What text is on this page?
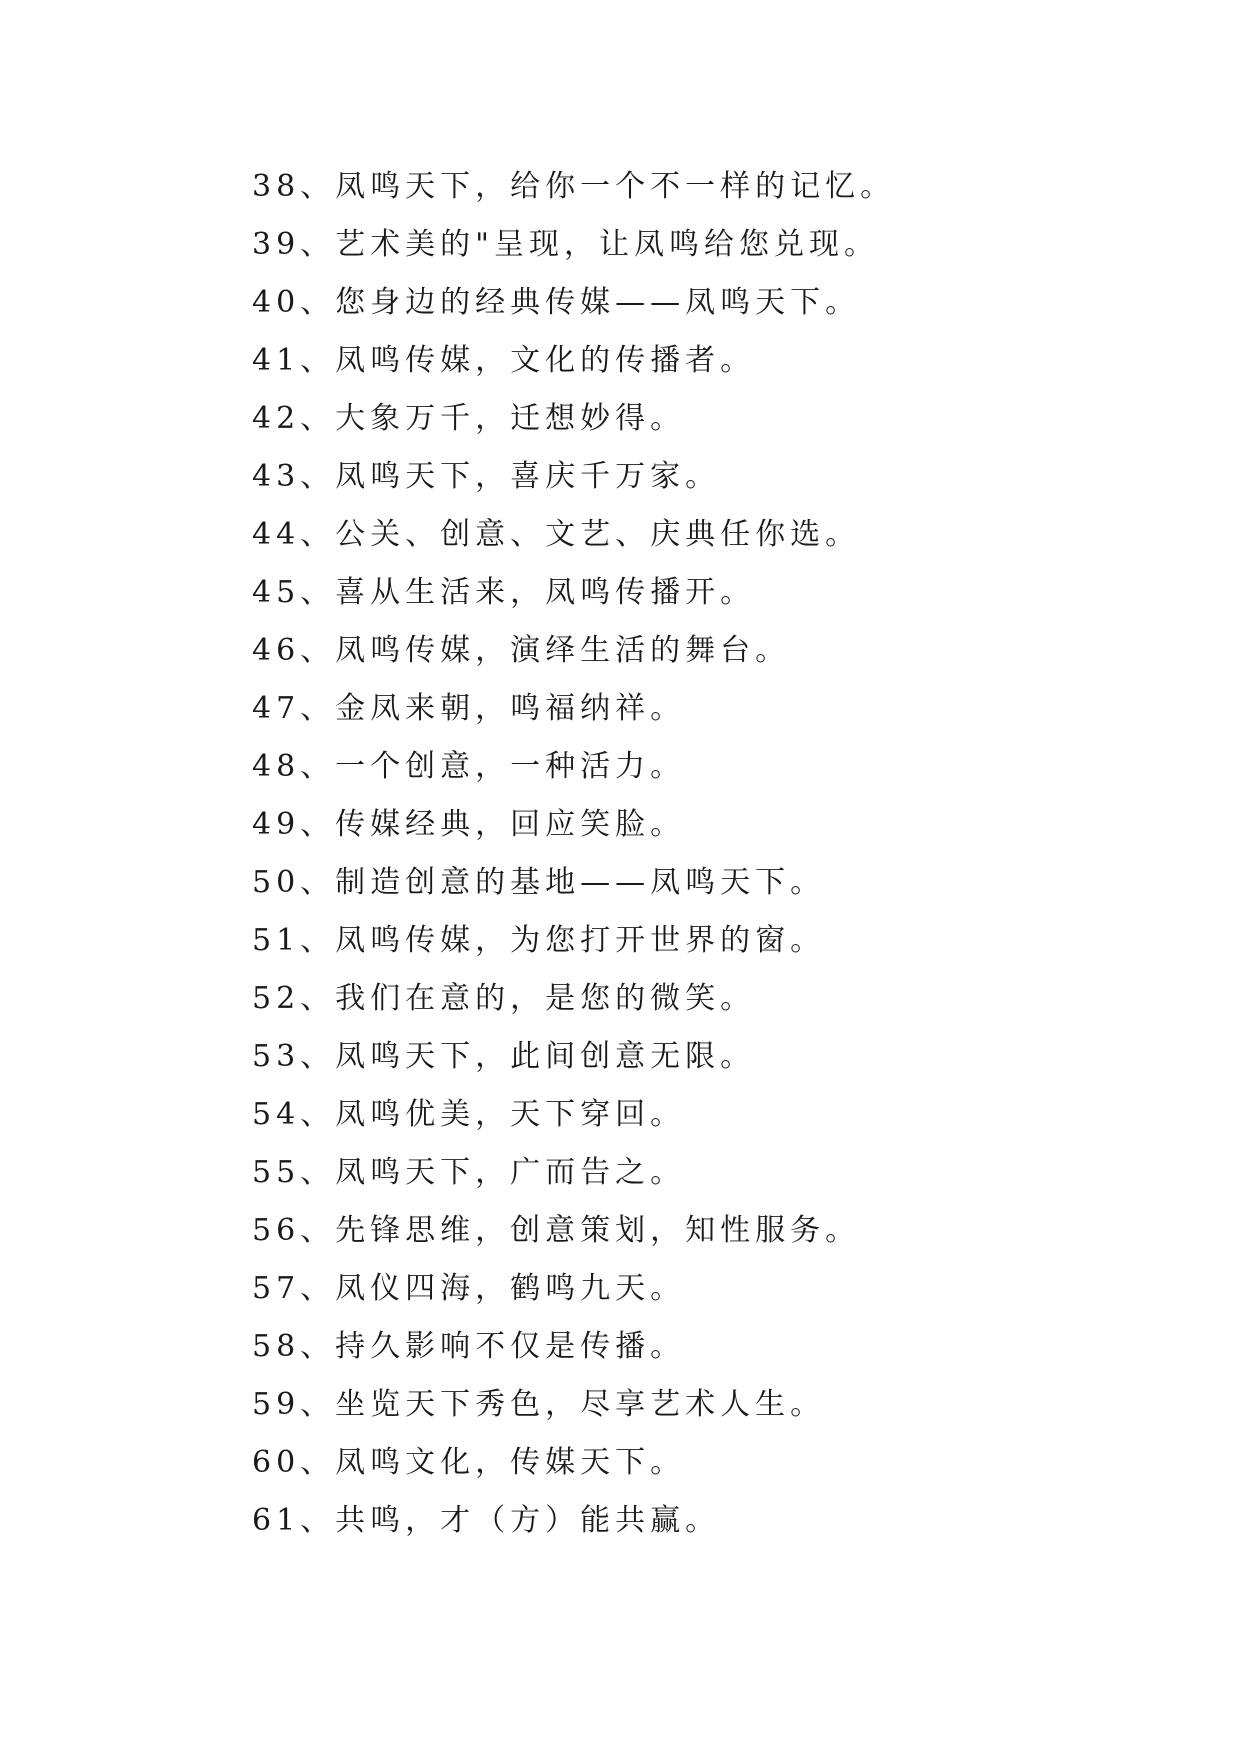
38、凤鸣天下，给你一个不一样的记忆。
39、艺术美的"呈现，让凤鸣给您兑现。
40、您身边的经典传媒——凤鸣天下。
41、凤鸣传媒，文化的传播者。
42、大象万千，迁想妙得。
43、凤鸣天下，喜庆千万家。
44、公关、创意、文艺、庆典任你选。
45、喜从生活来，凤鸣传播开。
46、凤鸣传媒，演绎生活的舞台。
47、金凤来朝，鸣福纳祥。
48、一个创意，一种活力。
49、传媒经典，回应笑脸。
50、制造创意的基地——凤鸣天下。
51、凤鸣传媒，为您打开世界的窗。
52、我们在意的，是您的微笑。
53、凤鸣天下，此间创意无限。
54、凤鸣优美，天下穿回。
55、凤鸣天下，广而告之。
56、先锋思维，创意策划，知性服务。
57、凤仪四海，鹤鸣九天。
58、持久影响不仅是传播。
59、坐览天下秀色，尽享艺术人生。
60、凤鸣文化，传媒天下。
61、共鸣，才（方）能共赢。
